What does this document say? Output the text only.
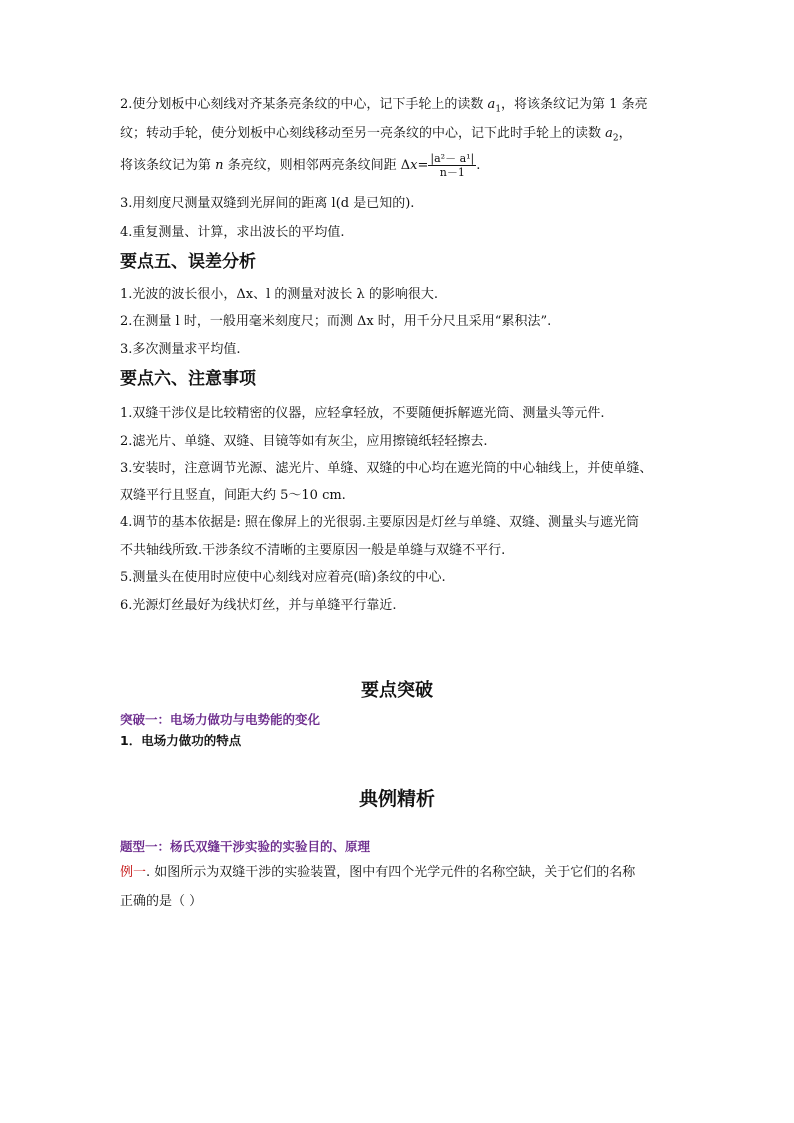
2.使分划板中心刻线对齐某条亮条纹的中心，记下手轮上的读数 $a_1$，将该条纹记为第 1 条亮
纹；转动手轮，使分划板中心刻线移动至另一亮条纹的中心，记下此时手轮上的读数 $a_2$，
将该条纹记为第 n 条亮纹，则相邻两亮条纹间距 $\Delta x= \frac{\text{|a²－ a¹|}}{n-1}$ .
3.用刻度尺测量双缝到光屏间的距离 l(d 是已知的).
4.重复测量、计算，求出波长的平均值.
要点五、误差分析
1.光波的波长很小，Δx、l 的测量对波长 λ 的影响很大.
2.在测量 l 时，一般用毫米刻度尺；而测 Δx 时，用千分尺且采用“累积法”.
3.多次测量求平均值.
要点六、注意事项
1.双缝干涉仪是比较精密的仪器，应轻拿轻放，不要随便拆解遮光筒、测量头等元件.
2.滤光片、单缝、双缝、目镜等如有灰尘，应用擦镜纸轻轻擦去.
3.安装时，注意调节光源、滤光片、单缝、双缝的中心均在遮光筒的中心轴线上，并使单缝、
双缝平行且竖直，间距大约 5～10 cm.
4.调节的基本依据是: 照在像屏上的光很弱.主要原因是灯丝与单缝、双缝、测量头与遮光筒
不共轴线所致.干涉条纹不清晰的主要原因一般是单缝与双缝不平行.
5.测量头在使用时应使中心刻线对应着亮(暗)条纹的中心.
6.光源灯丝最好为线状灯丝，并与单缝平行靠近.
要点突破
突破一：电场力做功与电势能的变化
1．电场力做功的特点
典例精析
题型一：杨氏双缝干涉实验的实验目的、原理
例一. 如图所示为双缝干涉的实验装置，图中有四个光学元件的名称空缺，关于它们的名称
正确的是（ ）
